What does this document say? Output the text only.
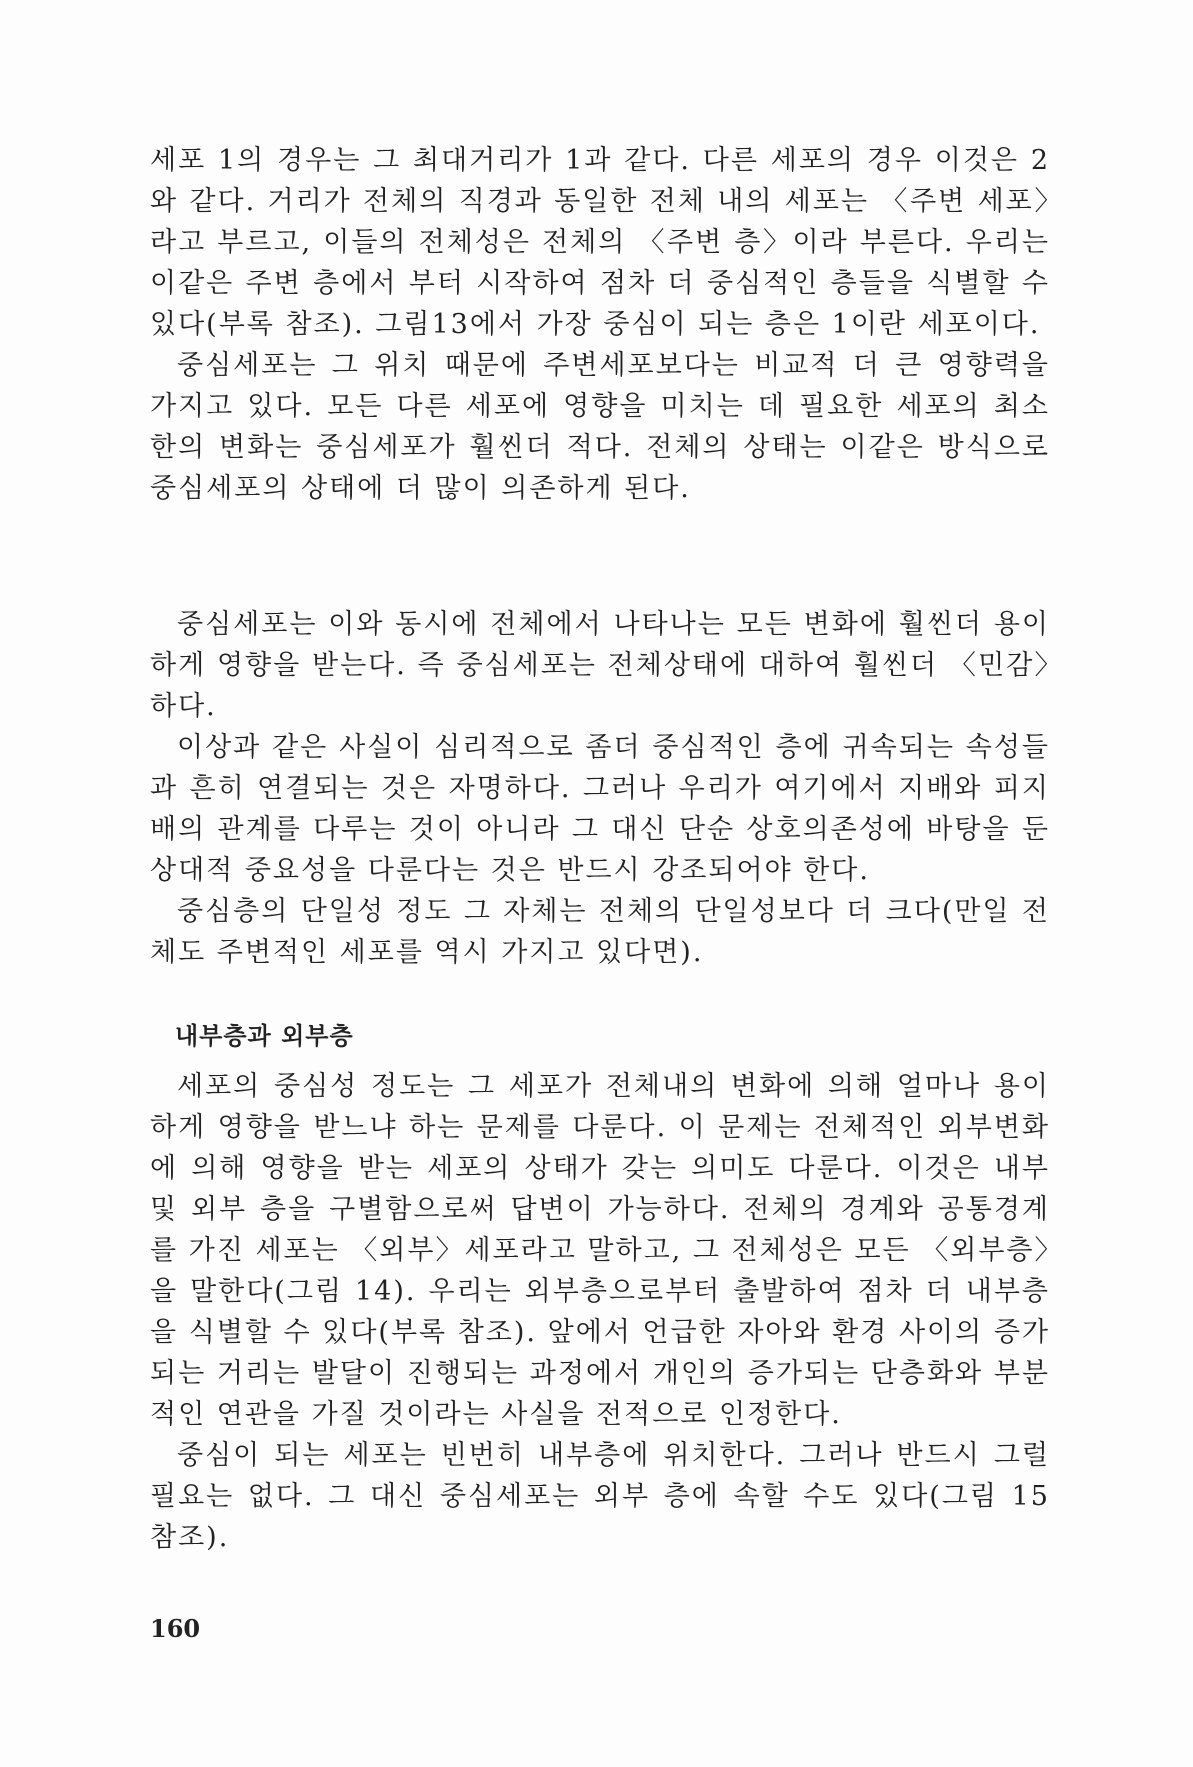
세포 1의 경우는 그 최대거리가 1과 같다. 다른 세포의 경우 이것은 2와 같다. 거리가 전체의 직경과 동일한 전체 내의 세포는 〈주변 세포〉라고 부르고, 이들의 전체성은 전체의 〈주변 층〉이라 부른다. 우리는 이같은 주변 층에서 부터 시작하여 점차 더 중심적인 층들을 식별할 수 있다(부록 참조). 그림13에서 가장 중심이 되는 층은 1이란 세포이다.

중심세포는 그 위치 때문에 주변세포보다는 비교적 더 큰 영향력을 가지고 있다. 모든 다른 세포에 영향을 미치는 데 필요한 세포의 최소한의 변화는 중심세포가 훨씬더 적다. 전체의 상태는 이같은 방식으로 중심세포의 상태에 더 많이 의존하게 된다.

중심세포는 이와 동시에 전체에서 나타나는 모든 변화에 훨씬더 용이하게 영향을 받는다. 즉 중심세포는 전체상태에 대하여 훨씬더 〈민감〉하다.

이상과 같은 사실이 심리적으로 좀더 중심적인 층에 귀속되는 속성들과 흔히 연결되는 것은 자명하다. 그러나 우리가 여기에서 지배와 피지배의 관계를 다루는 것이 아니라 그 대신 단순 상호의존성에 바탕을 둔 상대적 중요성을 다룬다는 것은 반드시 강조되어야 한다.

중심층의 단일성 정도 그 자체는 전체의 단일성보다 더 크다(만일 전체도 주변적인 세포를 역시 가지고 있다면).

내부층과 외부층

세포의 중심성 정도는 그 세포가 전체내의 변화에 의해 얼마나 용이하게 영향을 받느냐 하는 문제를 다룬다. 이 문제는 전체적인 외부변화에 의해 영향을 받는 세포의 상태가 갖는 의미도 다룬다. 이것은 내부 및 외부 층을 구별함으로써 답변이 가능하다. 전체의 경계와 공통경계를 가진 세포는 〈외부〉세포라고 말하고, 그 전체성은 모든 〈외부층〉을 말한다(그림 14). 우리는 외부층으로부터 출발하여 점차 더 내부층을 식별할 수 있다(부록 참조). 앞에서 언급한 자아와 환경 사이의 증가되는 거리는 발달이 진행되는 과정에서 개인의 증가되는 단층화와 부분적인 연관을 가질 것이라는 사실을 전적으로 인정한다.

중심이 되는 세포는 빈번히 내부층에 위치한다. 그러나 반드시 그럴 필요는 없다. 그 대신 중심세포는 외부 층에 속할 수도 있다(그림 15 참조).

160
